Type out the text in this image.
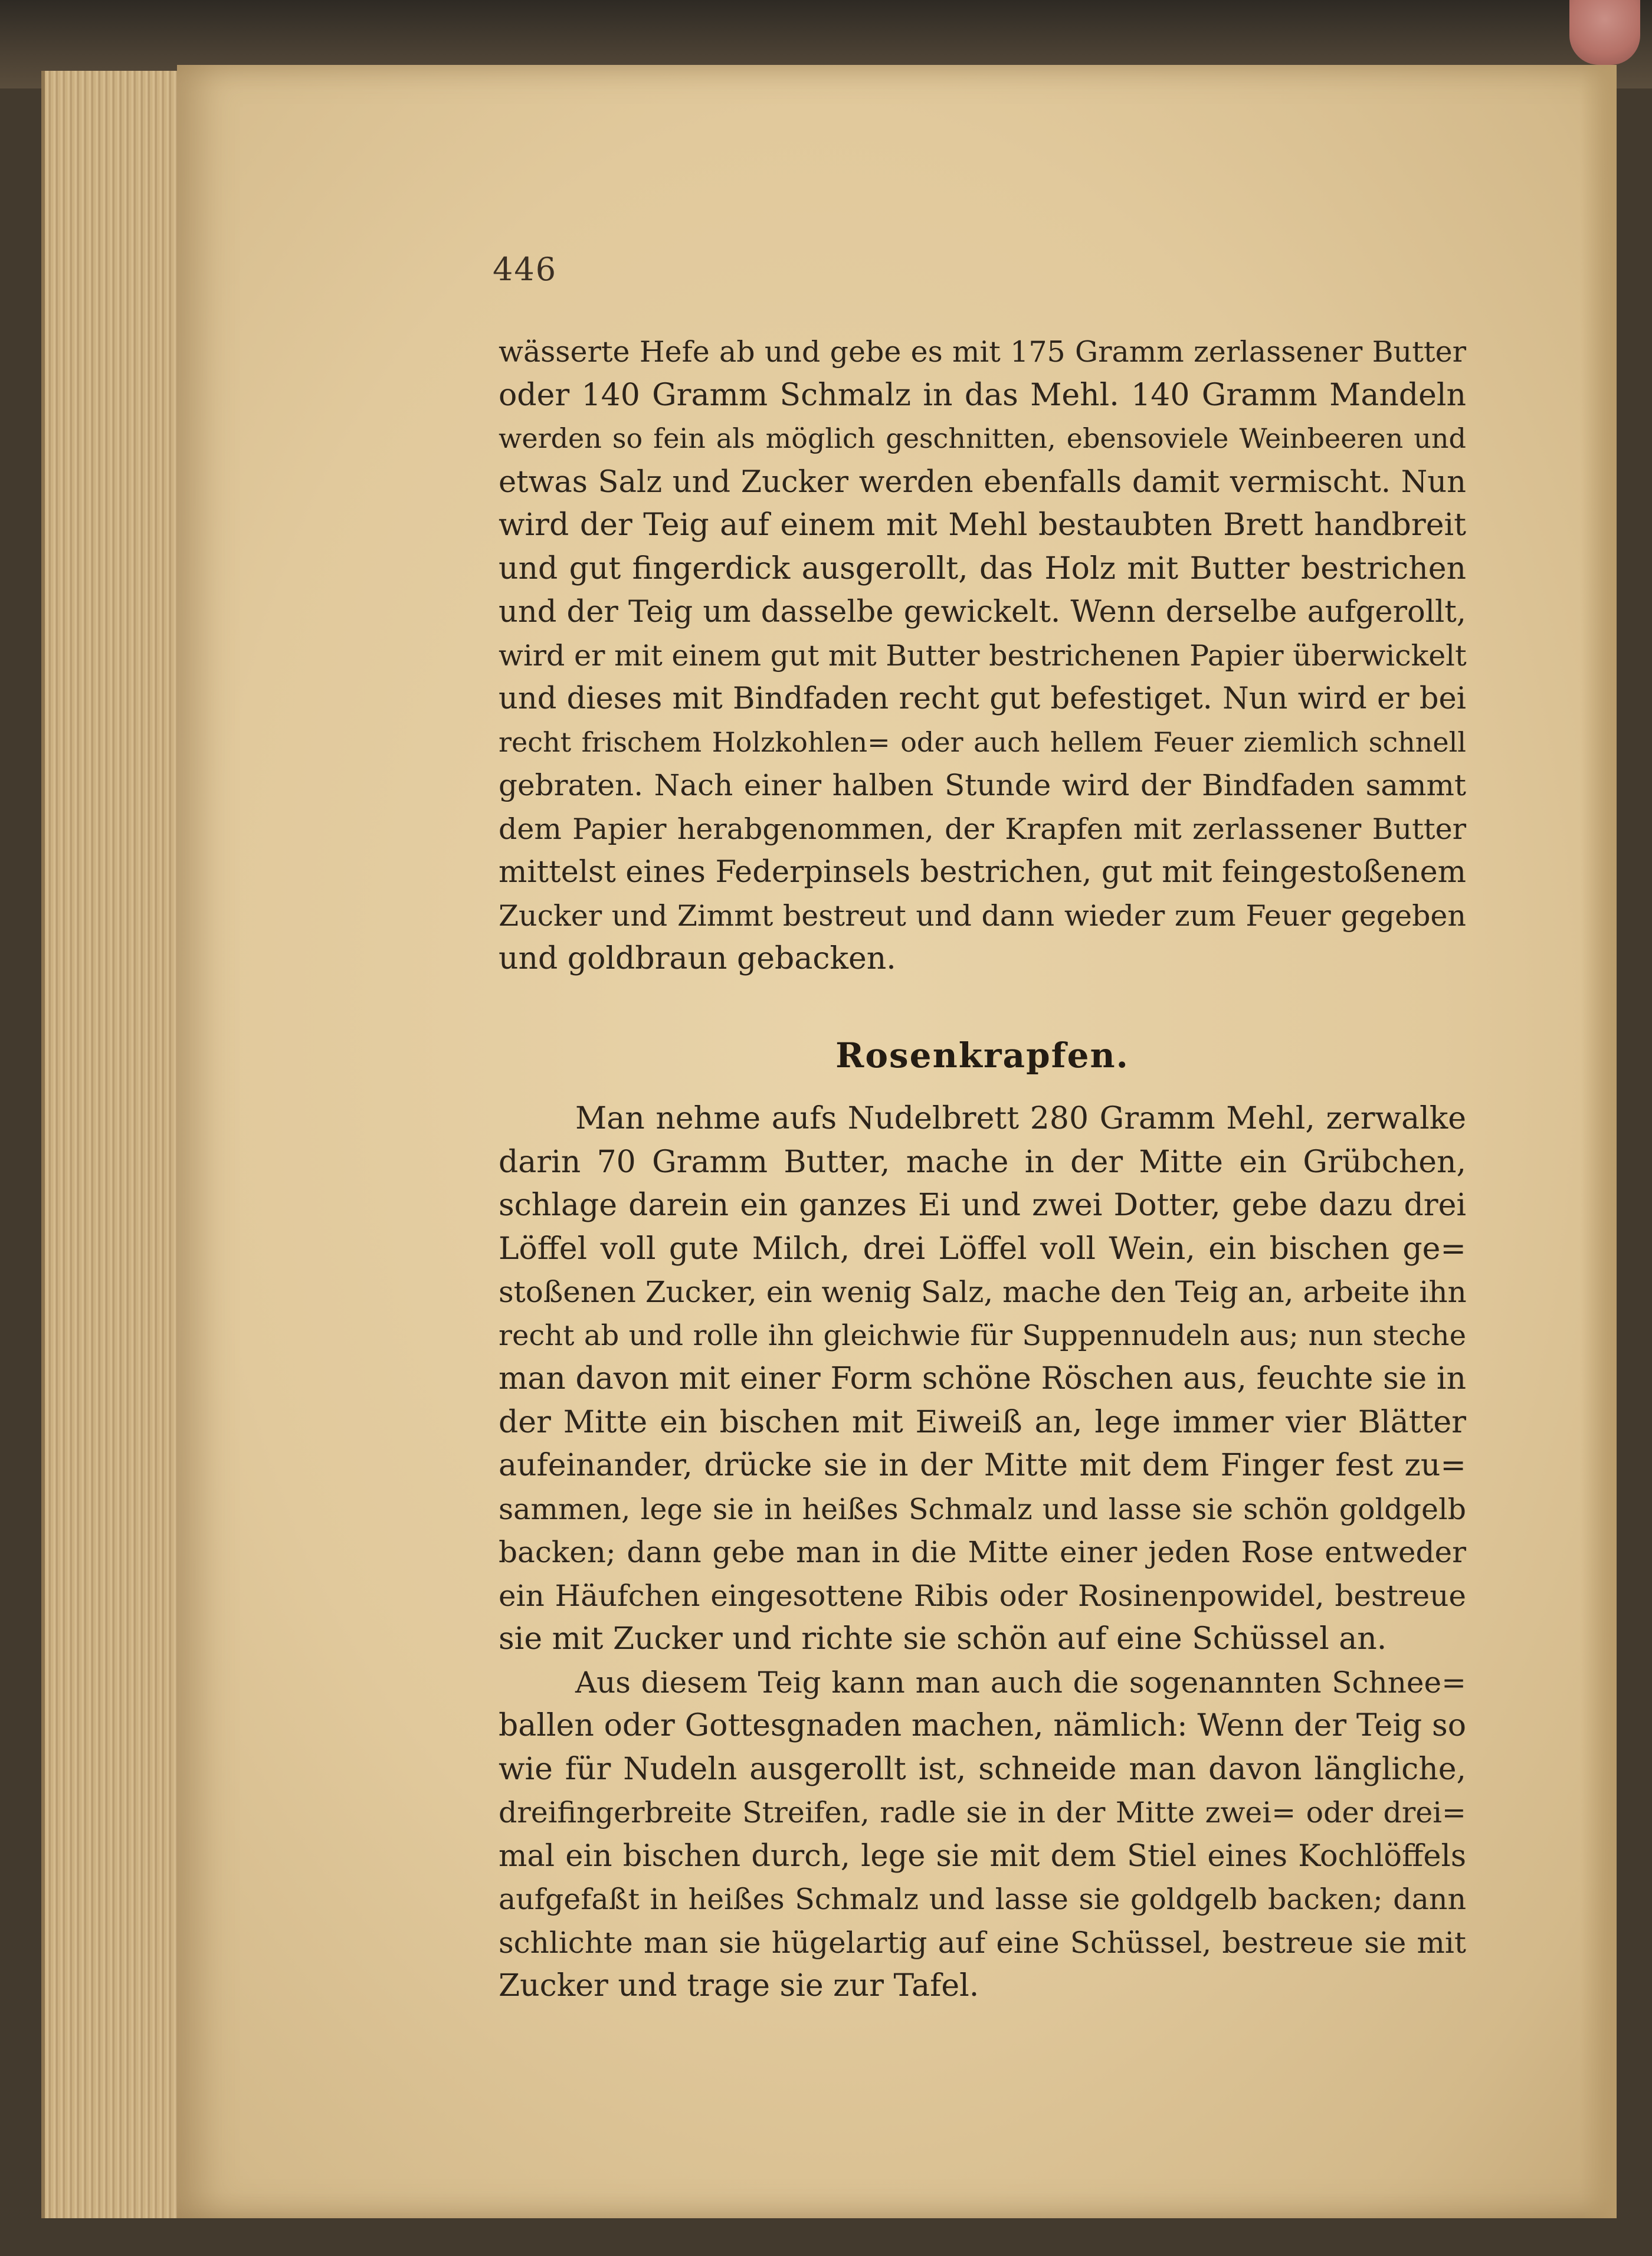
446
wässerte Hefe ab und gebe es mit 175 Gramm zerlassener Butter
oder 140 Gramm Schmalz in das Mehl. 140 Gramm Mandeln
werden so fein als möglich geschnitten, ebensoviele Weinbeeren und
etwas Salz und Zucker werden ebenfalls damit vermischt. Nun
wird der Teig auf einem mit Mehl bestaubten Brett handbreit
und gut fingerdick ausgerollt, das Holz mit Butter bestrichen
und der Teig um dasselbe gewickelt. Wenn derselbe aufgerollt,
wird er mit einem gut mit Butter bestrichenen Papier überwickelt
und dieses mit Bindfaden recht gut befestiget. Nun wird er bei
recht frischem Holzkohlen= oder auch hellem Feuer ziemlich schnell
gebraten. Nach einer halben Stunde wird der Bindfaden sammt
dem Papier herabgenommen, der Krapfen mit zerlassener Butter
mittelst eines Federpinsels bestrichen, gut mit feingestoßenem
Zucker und Zimmt bestreut und dann wieder zum Feuer gegeben
und goldbraun gebacken.
Rosenkrapfen.
Man nehme aufs Nudelbrett 280 Gramm Mehl, zerwalke
darin 70 Gramm Butter, mache in der Mitte ein Grübchen,
schlage darein ein ganzes Ei und zwei Dotter, gebe dazu drei
Löffel voll gute Milch, drei Löffel voll Wein, ein bischen ge=
stoßenen Zucker, ein wenig Salz, mache den Teig an, arbeite ihn
recht ab und rolle ihn gleichwie für Suppennudeln aus; nun steche
man davon mit einer Form schöne Röschen aus, feuchte sie in
der Mitte ein bischen mit Eiweiß an, lege immer vier Blätter
aufeinander, drücke sie in der Mitte mit dem Finger fest zu=
sammen, lege sie in heißes Schmalz und lasse sie schön goldgelb
backen; dann gebe man in die Mitte einer jeden Rose entweder
ein Häufchen eingesottene Ribis oder Rosinenpowidel, bestreue
sie mit Zucker und richte sie schön auf eine Schüssel an.
Aus diesem Teig kann man auch die sogenannten Schnee=
ballen oder Gottesgnaden machen, nämlich: Wenn der Teig so
wie für Nudeln ausgerollt ist, schneide man davon längliche,
dreifingerbreite Streifen, radle sie in der Mitte zwei= oder drei=
mal ein bischen durch, lege sie mit dem Stiel eines Kochlöffels
aufgefaßt in heißes Schmalz und lasse sie goldgelb backen; dann
schlichte man sie hügelartig auf eine Schüssel, bestreue sie mit
Zucker und trage sie zur Tafel.
